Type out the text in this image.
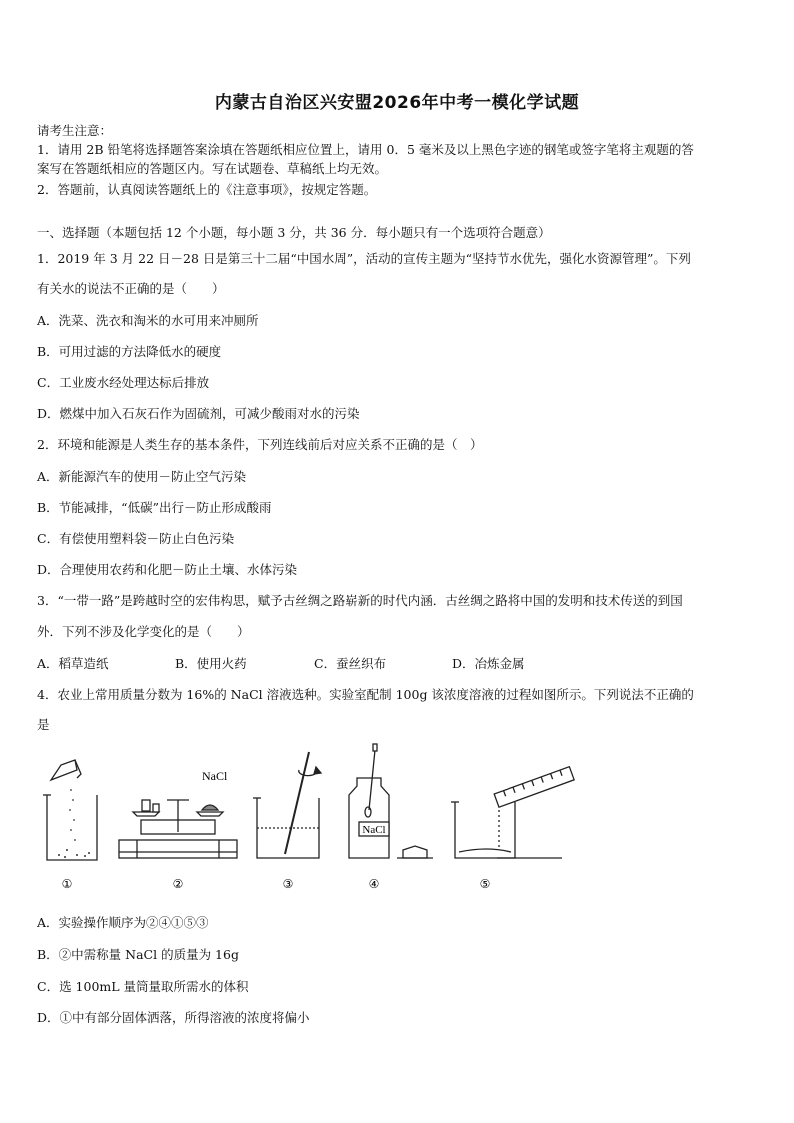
内蒙古自治区兴安盟2026年中考一模化学试题
请考生注意：
1．请用 2B 铅笔将选择题答案涂填在答题纸相应位置上，请用 0．5 毫米及以上黑色字迹的钢笔或签字笔将主观题的答
案写在答题纸相应的答题区内。写在试题卷、草稿纸上均无效。
2．答题前，认真阅读答题纸上的《注意事项》，按规定答题。
一、选择题（本题包括 12 个小题，每小题 3 分，共 36 分．每小题只有一个选项符合题意）
1．2019 年 3 月 22 日－28 日是第三十二届“中国水周”，活动的宣传主题为“坚持节水优先，强化水资源管理”。下列
有关水的说法不正确的是（　　）
A．洗菜、洗衣和淘米的水可用来冲厕所
B．可用过滤的方法降低水的硬度
C．工业废水经处理达标后排放
D．燃煤中加入石灰石作为固硫剂，可减少酸雨对水的污染
2．环境和能源是人类生存的基本条件，下列连线前后对应关系不正确的是（　）
A．新能源汽车的使用－防止空气污染
B．节能减排，“低碳”出行－防止形成酸雨
C．有偿使用塑料袋－防止白色污染
D．合理使用农药和化肥－防止土壤、水体污染
3．“一带一路”是跨越时空的宏伟构思，赋予古丝绸之路崭新的时代内涵．古丝绸之路将中国的发明和技术传送的到国
外．下列不涉及化学变化的是（　　）
A．稻草造纸	B．使用火药	C．蚕丝织布	D．冶炼金属
4．农业上常用质量分数为 16%的 NaCl 溶液选种。实验室配制 100g 该浓度溶液的过程如图所示。下列说法不正确的
是
①
NaCl
②	③
NaCl
④	⑤
A．实验操作顺序为②④①⑤③
B．②中需称量 NaCl 的质量为 16g
C．选 100mL 量筒量取所需水的体积
D．①中有部分固体洒落，所得溶液的浓度将偏小
